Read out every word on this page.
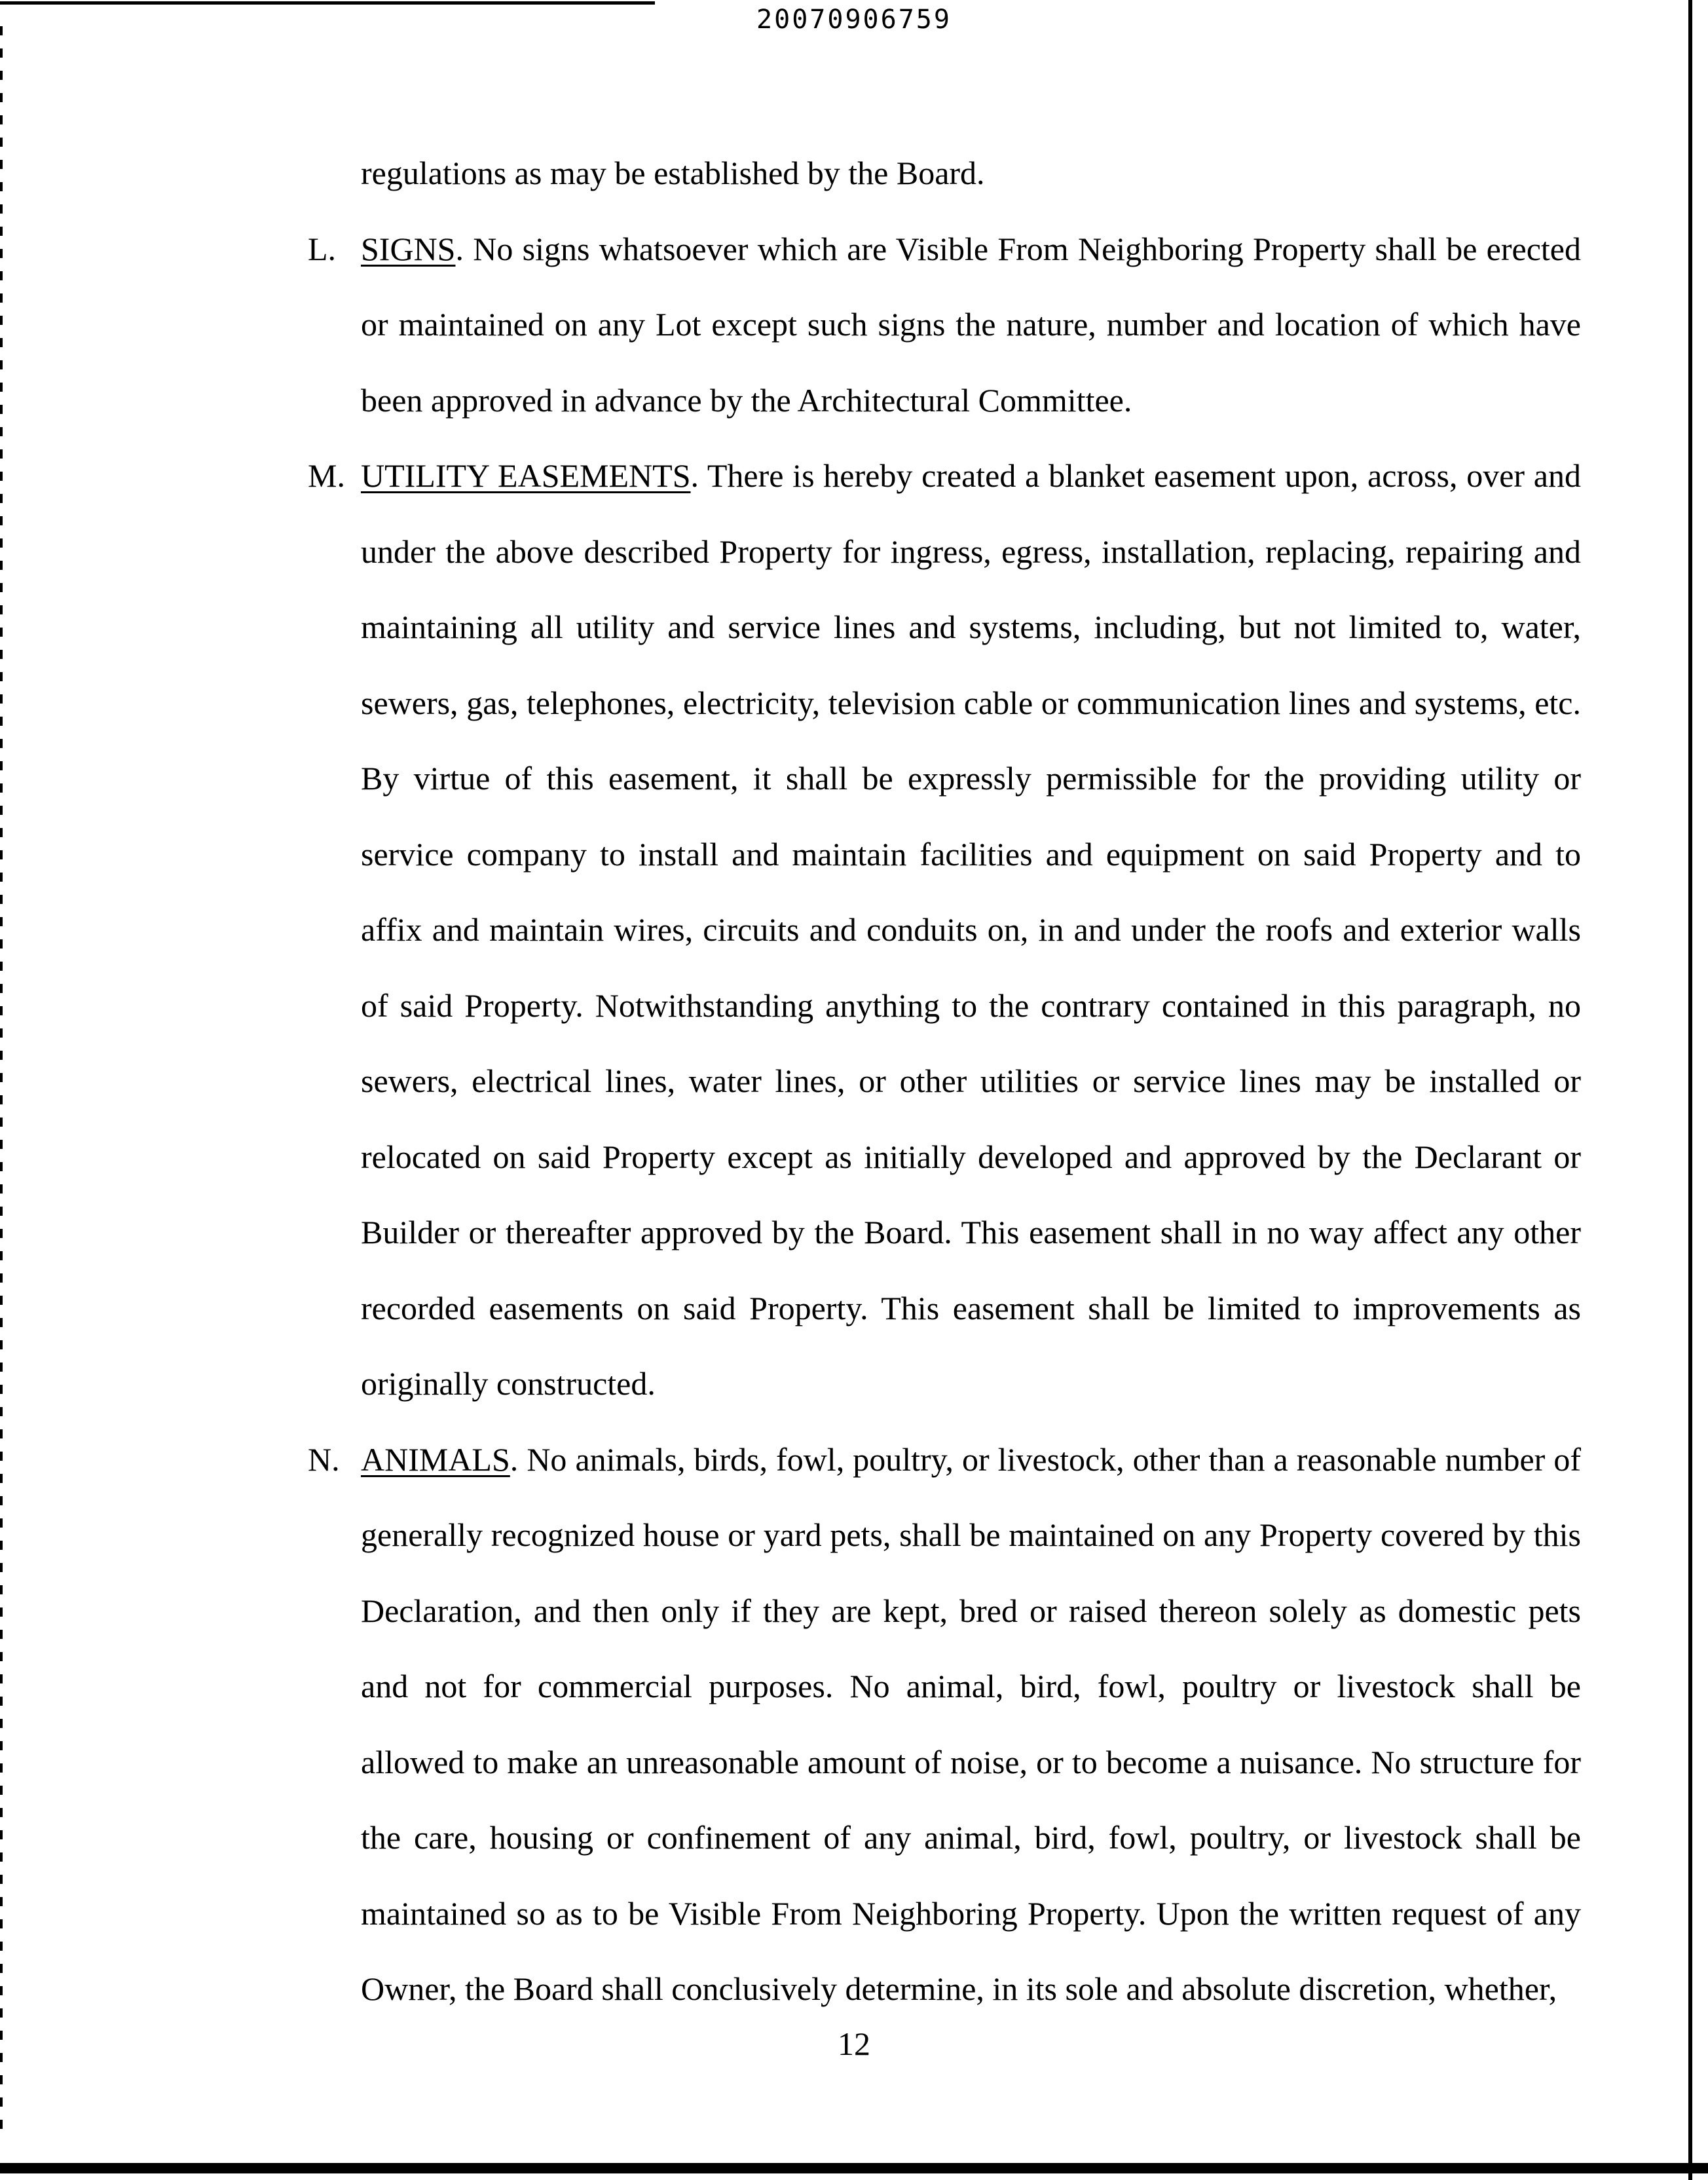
20070906759

regulations as may be established by the Board.

L. SIGNS. No signs whatsoever which are Visible From Neighboring Property shall be erected or maintained on any Lot except such signs the nature, number and location of which have been approved in advance by the Architectural Committee.
M. UTILITY EASEMENTS. There is hereby created a blanket easement upon, across, over and under the above described Property for ingress, egress, installation, replacing, repairing and maintaining all utility and service lines and systems, including, but not limited to, water, sewers, gas, telephones, electricity, television cable or communication lines and systems, etc. By virtue of this easement, it shall be expressly permissible for the providing utility or service company to install and maintain facilities and equipment on said Property and to affix and maintain wires, circuits and conduits on, in and under the roofs and exterior walls of said Property. Notwithstanding anything to the contrary contained in this paragraph, no sewers, electrical lines, water lines, or other utilities or service lines may be installed or relocated on said Property except as initially developed and approved by the Declarant or Builder or thereafter approved by the Board. This easement shall in no way affect any other recorded easements on said Property. This easement shall be limited to improvements as originally constructed.
N. ANIMALS. No animals, birds, fowl, poultry, or livestock, other than a reasonable number of generally recognized house or yard pets, shall be maintained on any Property covered by this Declaration, and then only if they are kept, bred or raised thereon solely as domestic pets and not for commercial purposes. No animal, bird, fowl, poultry or livestock shall be allowed to make an unreasonable amount of noise, or to become a nuisance. No structure for the care, housing or confinement of any animal, bird, fowl, poultry, or livestock shall be maintained so as to be Visible From Neighboring Property. Upon the written request of any Owner, the Board shall conclusively determine, in its sole and absolute discretion, whether,
12
